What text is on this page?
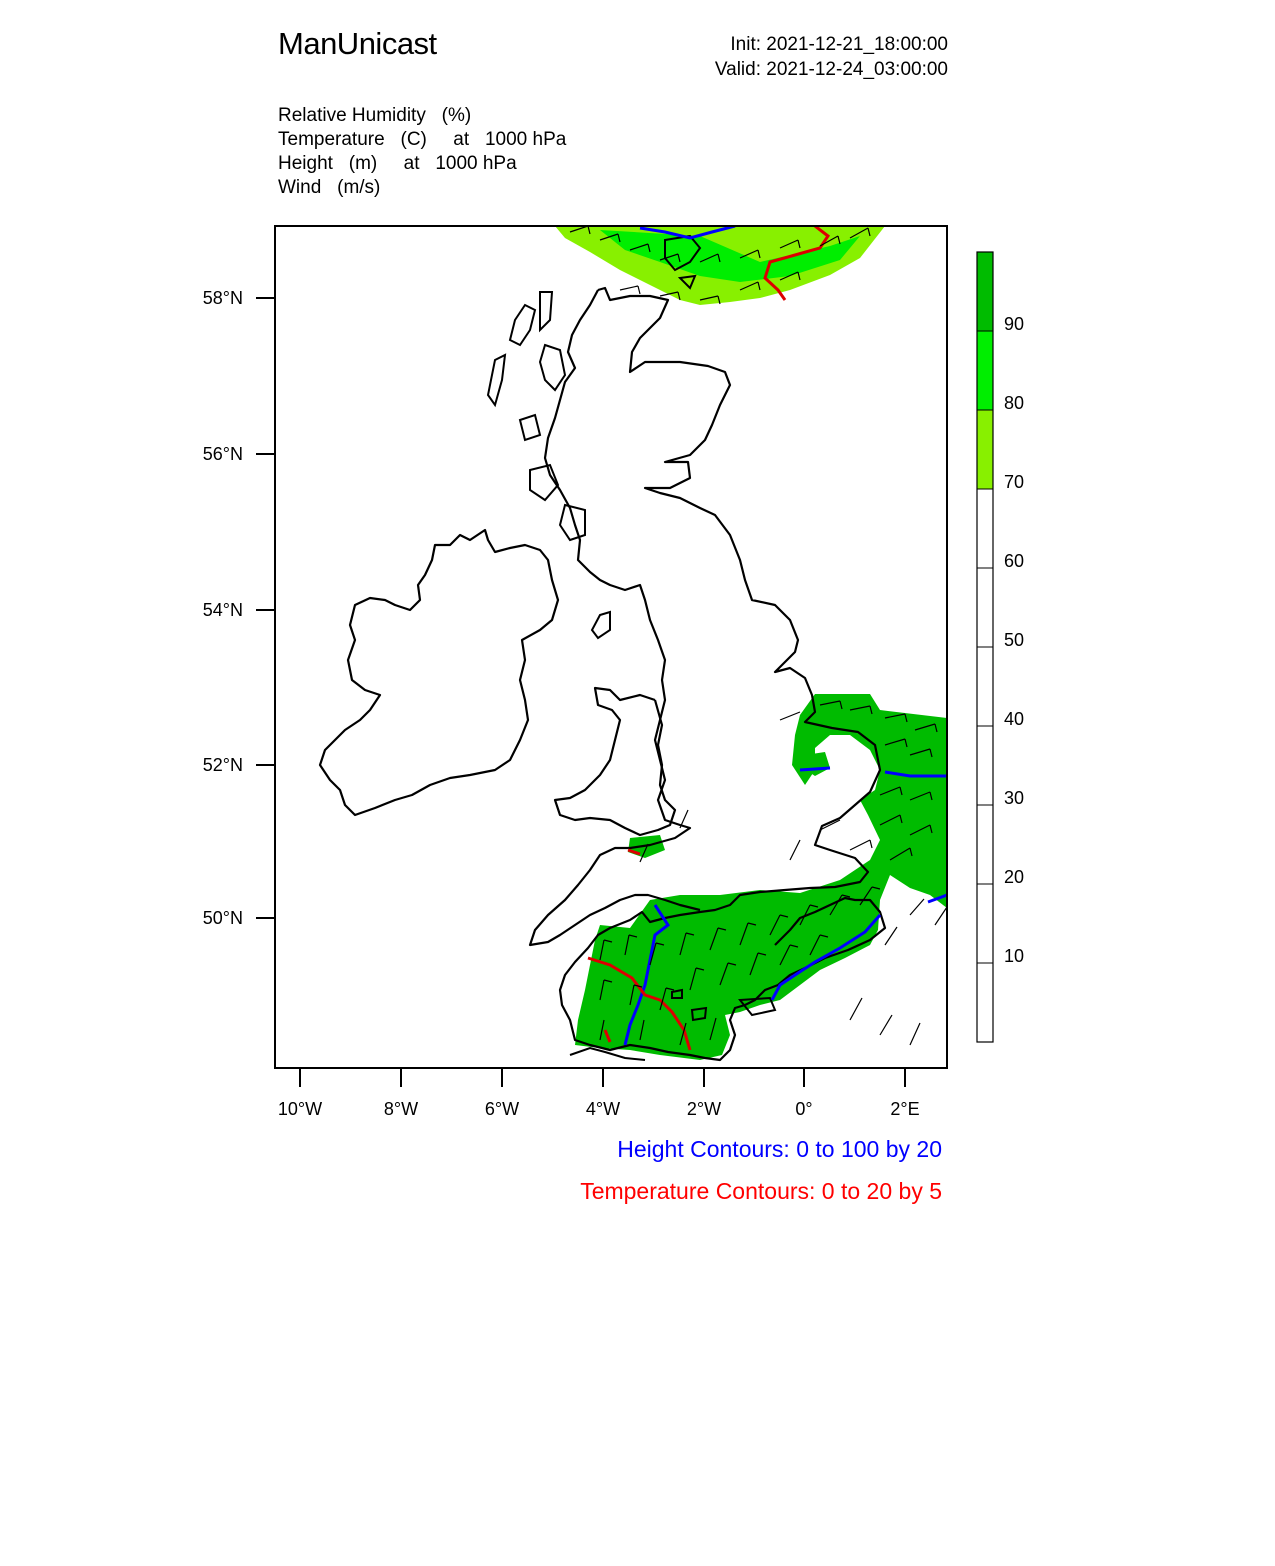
ManUnicast	Init: 2021-12-21_18:00:00
Valid: 2021-12-24_03:00:00
Relative Humidity   (%)
Temperature   (C)     at   1000 hPa
Height   (m)     at   1000 hPa
Wind   (m/s)
58°N
56°N
54°N
52°N
50°N
10°W	8°W	6°W	4°W	2°W	0°	2°E
90
80
70
60
50
40
30
20
10
Height Contours: 0 to 100 by 20
Temperature Contours: 0 to 20 by 5
